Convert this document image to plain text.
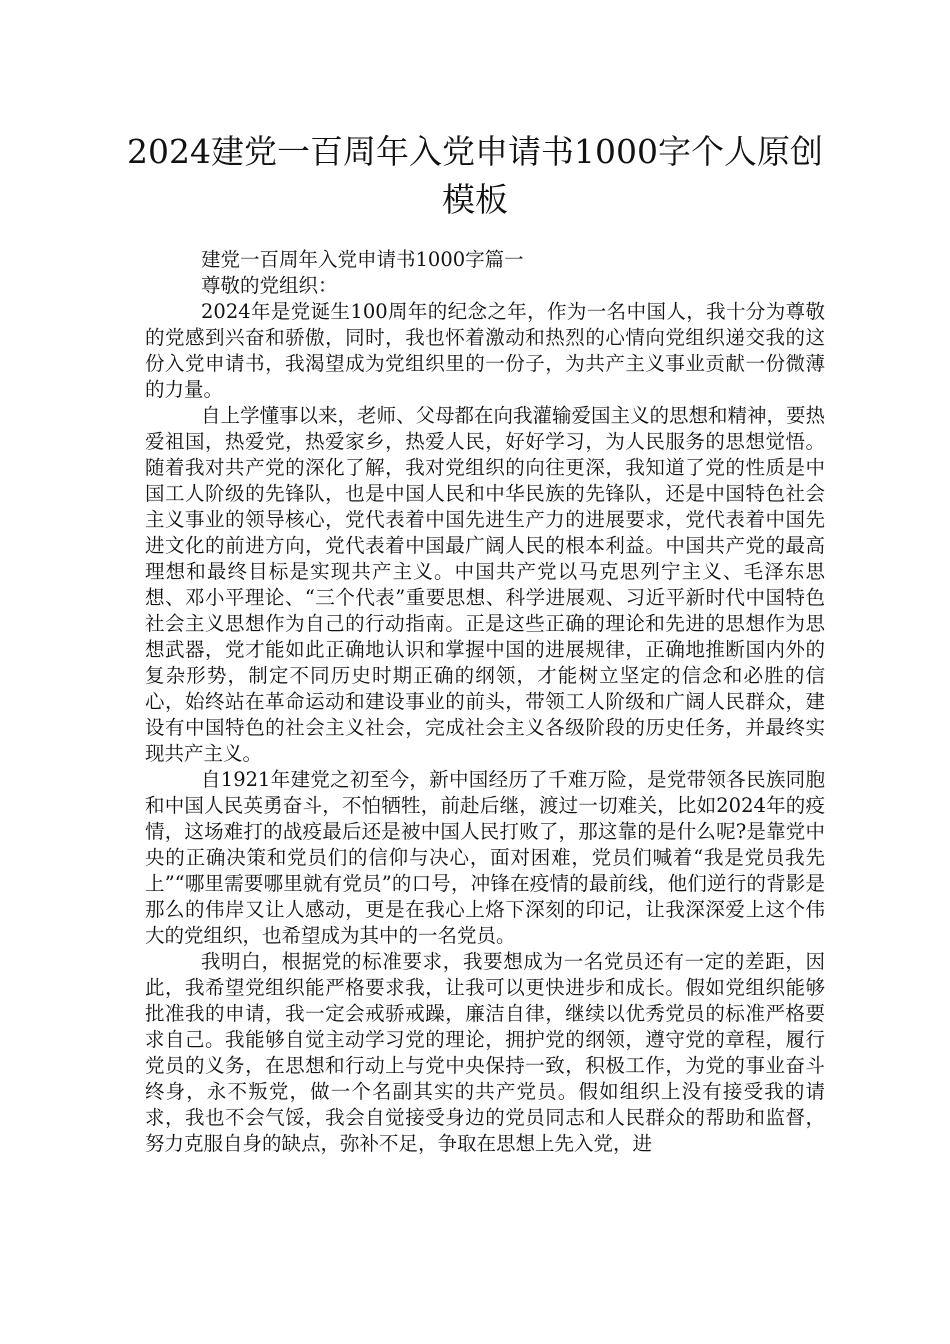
2024建党一百周年入党申请书1000字个人原创模板

建党一百周年入党申请书1000字篇一

尊敬的党组织：

2024年是党诞生100周年的纪念之年，作为一名中国人，我十分为尊敬的党感到兴奋和骄傲，同时，我也怀着激动和热烈的心情向党组织递交我的这份入党申请书，我渴望成为党组织里的一份子，为共产主义事业贡献一份微薄的力量。

自上学懂事以来，老师、父母都在向我灌输爱国主义的思想和精神，要热爱祖国，热爱党，热爱家乡，热爱人民，好好学习，为人民服务的思想觉悟。随着我对共产党的深化了解，我对党组织的向往更深，我知道了党的性质是中国工人阶级的先锋队，也是中国人民和中华民族的先锋队，还是中国特色社会主义事业的领导核心，党代表着中国先进生产力的进展要求，党代表着中国先进文化的前进方向，党代表着中国最广阔人民的根本利益。中国共产党的最高理想和最终目标是实现共产主义。中国共产党以马克思列宁主义、毛泽东思想、邓小平理论、“三个代表”重要思想、科学进展观、习近平新时代中国特色社会主义思想作为自己的行动指南。正是这些正确的理论和先进的思想作为思想武器，党才能如此正确地认识和掌握中国的进展规律，正确地推断国内外的复杂形势，制定不同历史时期正确的纲领，才能树立坚定的信念和必胜的信心，始终站在革命运动和建设事业的前头，带领工人阶级和广阔人民群众，建设有中国特色的社会主义社会，完成社会主义各级阶段的历史任务，并最终实现共产主义。

自1921年建党之初至今，新中国经历了千难万险，是党带领各民族同胞和中国人民英勇奋斗，不怕牺牲，前赴后继，渡过一切难关，比如2024年的疫情，这场难打的战疫最后还是被中国人民打败了，那这靠的是什么呢?是靠党中央的正确决策和党员们的信仰与决心，面对困难，党员们喊着“我是党员我先上”“哪里需要哪里就有党员”的口号，冲锋在疫情的最前线，他们逆行的背影是那么的伟岸又让人感动，更是在我心上烙下深刻的印记，让我深深爱上这个伟大的党组织，也希望成为其中的一名党员。

我明白，根据党的标准要求，我要想成为一名党员还有一定的差距，因此，我希望党组织能严格要求我，让我可以更快进步和成长。假如党组织能够批准我的申请，我一定会戒骄戒躁，廉洁自律，继续以优秀党员的标准严格要求自己。我能够自觉主动学习党的理论，拥护党的纲领，遵守党的章程，履行党员的义务，在思想和行动上与党中央保持一致，积极工作，为党的事业奋斗终身，永不叛党，做一个名副其实的共产党员。假如组织上没有接受我的请求，我也不会气馁，我会自觉接受身边的党员同志和人民群众的帮助和监督，努力克服自身的缺点，弥补不足，争取在思想上先入党，进
